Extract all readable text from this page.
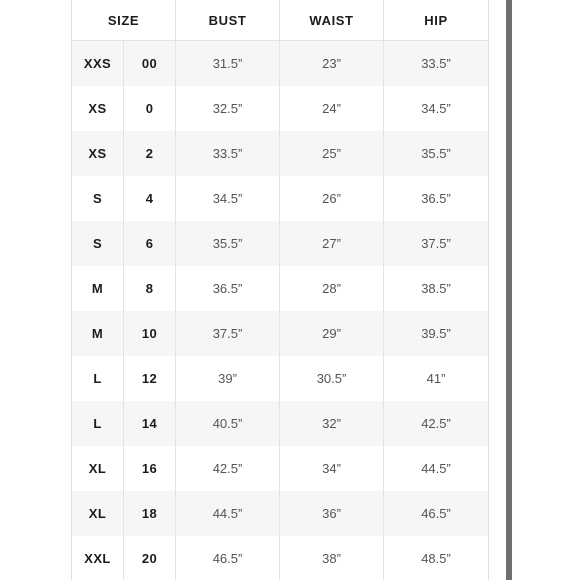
SIZE		BUST	WAIST	HIP
XXS	00	31.5”	23”	33.5”
XS	0	32.5”	24”	34.5”
XS	2	33.5”	25”	35.5”
S	4	34.5”	26”	36.5”
S	6	35.5”	27”	37.5”
M	8	36.5”	28”	38.5”
M	10	37.5”	29”	39.5”
L	12	39”	30.5”	41”
L	14	40.5”	32”	42.5”
XL	16	42.5”	34”	44.5”
XL	18	44.5”	36”	46.5”
XXL	20	46.5”	38”	48.5”
